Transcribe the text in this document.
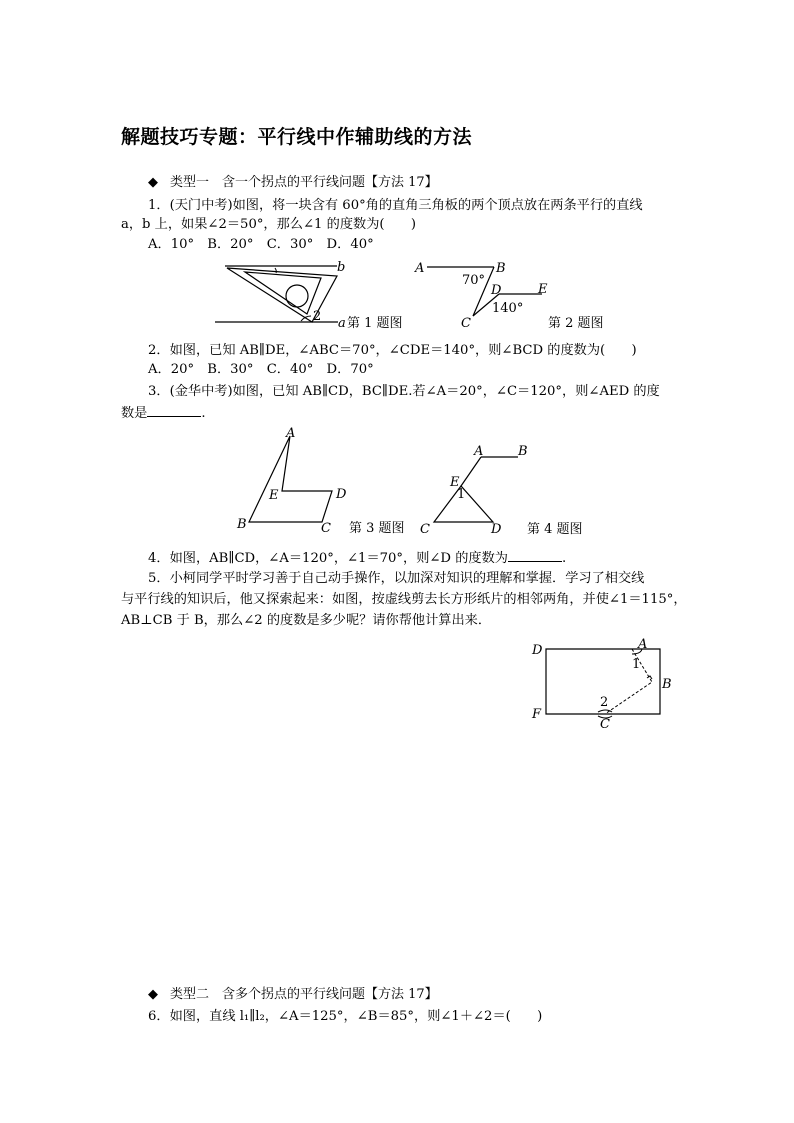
解题技巧专题：平行线中作辅助线的方法
◆ 类型一　含一个拐点的平行线问题【方法 17】
1．(天门中考)如图，将一块含有 60°角的直角三角板的两个顶点放在两条平行的直线
a，b 上，如果∠2＝50°，那么∠1 的度数为(　　)
A．10°　B．20°　C．30°　D．40°
b
2 a 第 1 题图
A	B
70°
D	E
140°
C	第 2 题图
2．如图，已知 AB∥DE，∠ABC＝70°，∠CDE＝140°，则∠BCD 的度数为(　　)
A．20°　B．30°　C．40°　D．70°
3．(金华中考)如图，已知 AB∥CD，BC∥DE.若∠A＝20°，∠C＝120°，则∠AED 的度
数是	.
A
E	D
B	C 第 3 题图
A	B
E
1
C	D 第 4 题图
4．如图，AB∥CD，∠A＝120°，∠1＝70°，则∠D 的度数为	.
5．小柯同学平时学习善于自己动手操作，以加深对知识的理解和掌握．学习了相交线
与平行线的知识后，他又探索起来：如图，按虚线剪去长方形纸片的相邻两角，并使∠1＝115°，
AB⊥CB 于 B，那么∠2 的度数是多少呢？请你帮他计算出来．
D	A
1
B
2
F
C
◆ 类型二　含多个拐点的平行线问题【方法 17】
6．如图，直线 l₁∥l₂，∠A＝125°，∠B＝85°，则∠1＋∠2＝(　　)
